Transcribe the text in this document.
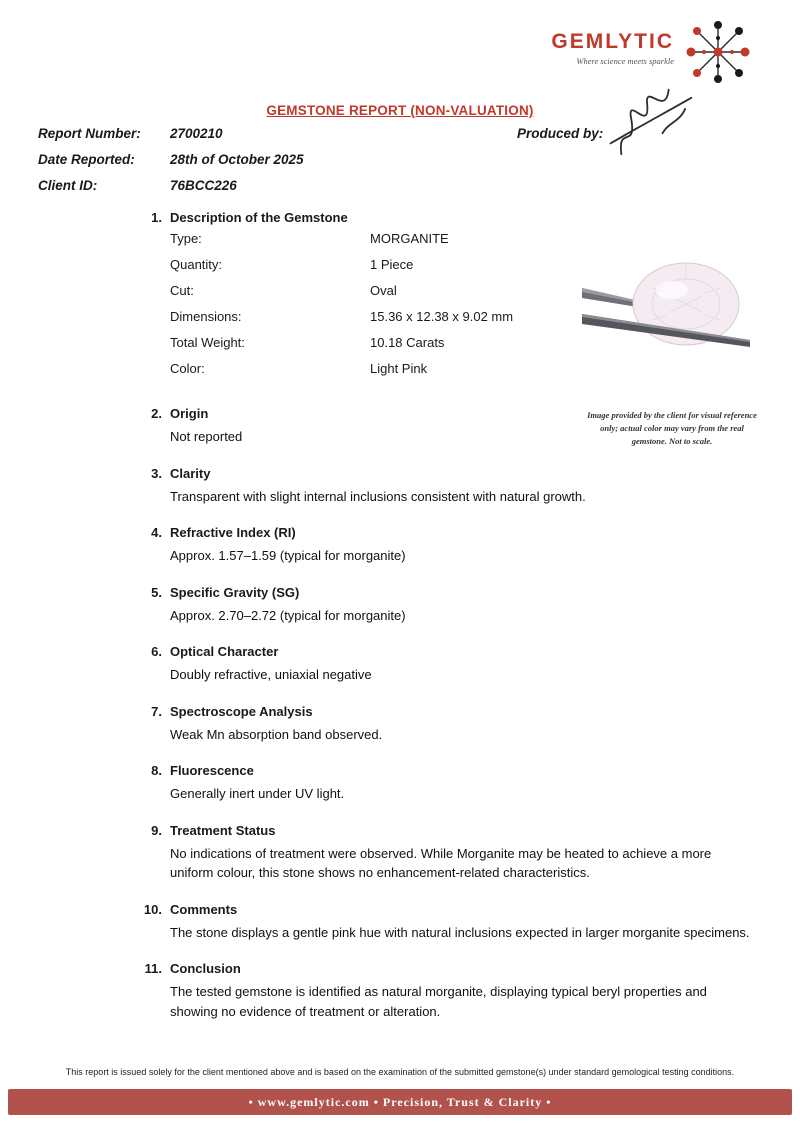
GEMLYTIC
Where science meets sparkle
GEMSTONE REPORT (NON-VALUATION)
Report Number:	2700210
Date Reported:	28th of October 2025
Client ID:	76BCC226
Produced by:
Image provided by the client for visual reference only; actual color may vary from the real gemstone. Not to scale.
1. Description of the Gemstone
Type:	MORGANITE
Quantity:	1 Piece
Cut:	Oval
Dimensions:	15.36 x 12.38 x 9.02 mm
Total Weight:	10.18 Carats
Color:	Light Pink
2. Origin
Not reported
3. Clarity
Transparent with slight internal inclusions consistent with natural growth.
4. Refractive Index (RI)
Approx. 1.57–1.59 (typical for morganite)
5. Specific Gravity (SG)
Approx. 2.70–2.72 (typical for morganite)
6. Optical Character
Doubly refractive, uniaxial negative
7. Spectroscope Analysis
Weak Mn absorption band observed.
8. Fluorescence
Generally inert under UV light.
9. Treatment Status
No indications of treatment were observed. While Morganite may be heated to achieve a more uniform colour, this stone shows no enhancement-related characteristics.
10. Comments
The stone displays a gentle pink hue with natural inclusions expected in larger morganite specimens.
11. Conclusion
The tested gemstone is identified as natural morganite, displaying typical beryl properties and showing no evidence of treatment or alteration.
This report is issued solely for the client mentioned above and is based on the examination of the submitted gemstone(s) under standard gemological testing conditions.
• www.gemlytic.com • Precision, Trust & Clarity •
